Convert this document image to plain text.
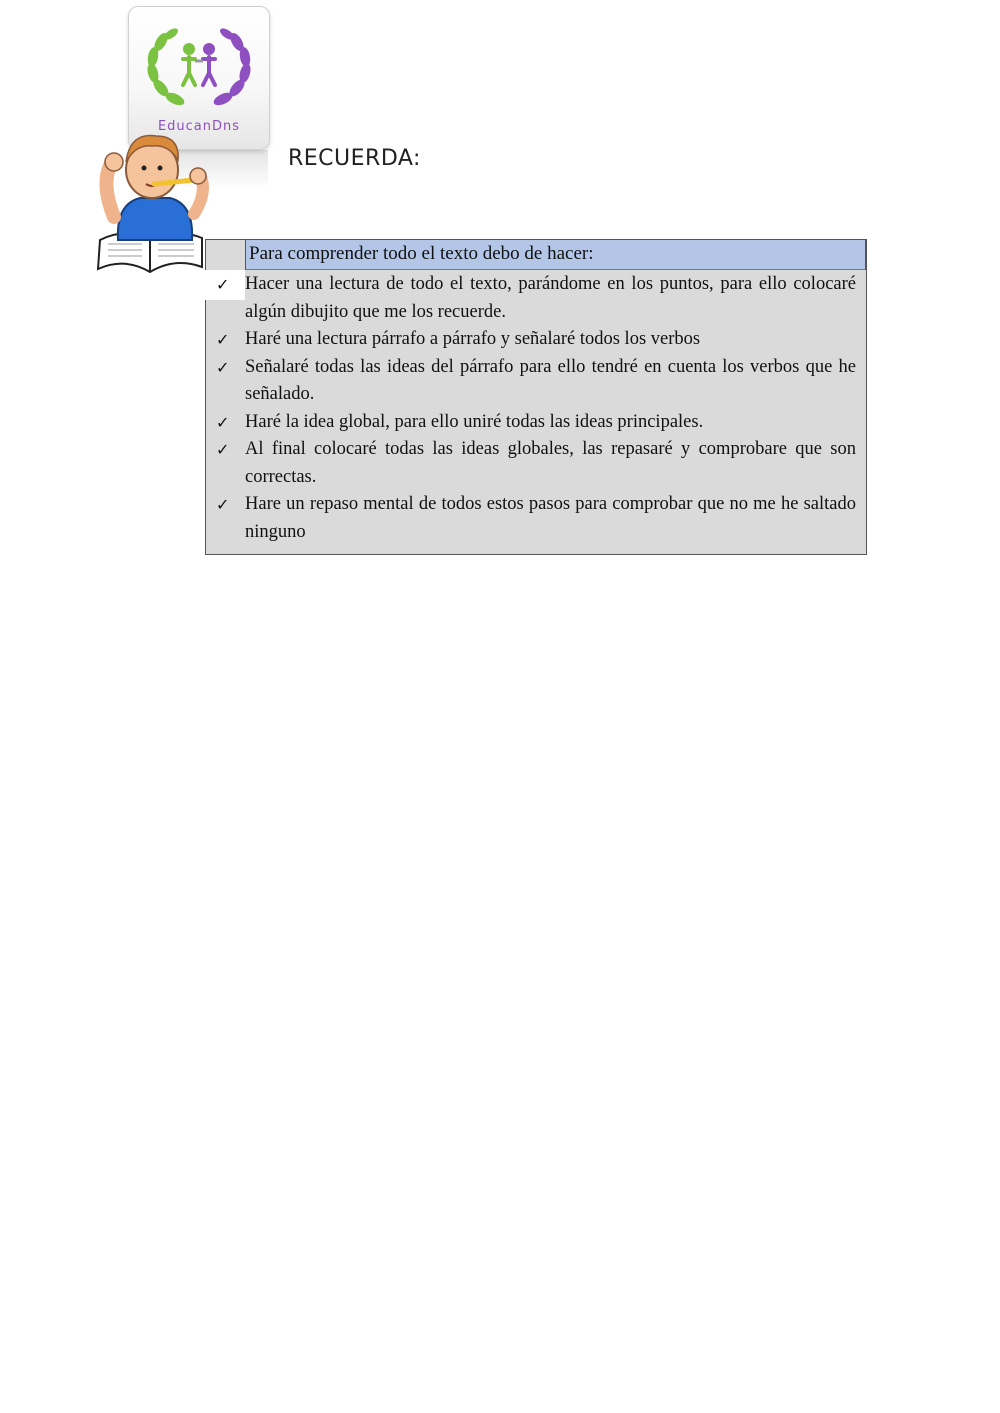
EducanDns
RECUERDA:
Para comprender todo el texto debo de hacer:
✓ Hacer una lectura de todo el texto, parándome en los puntos, para ello colocaré algún dibujito que me los recuerde.
✓ Haré una lectura párrafo a párrafo y señalaré todos los verbos
✓ Señalaré todas las ideas del párrafo para ello tendré en cuenta los verbos que he señalado.
✓ Haré la idea global, para ello uniré todas las ideas principales.
✓ Al final colocaré todas las ideas globales, las repasaré y comprobare que son correctas.
✓ Hare un repaso mental de todos estos pasos para comprobar que no me he saltado ninguno
